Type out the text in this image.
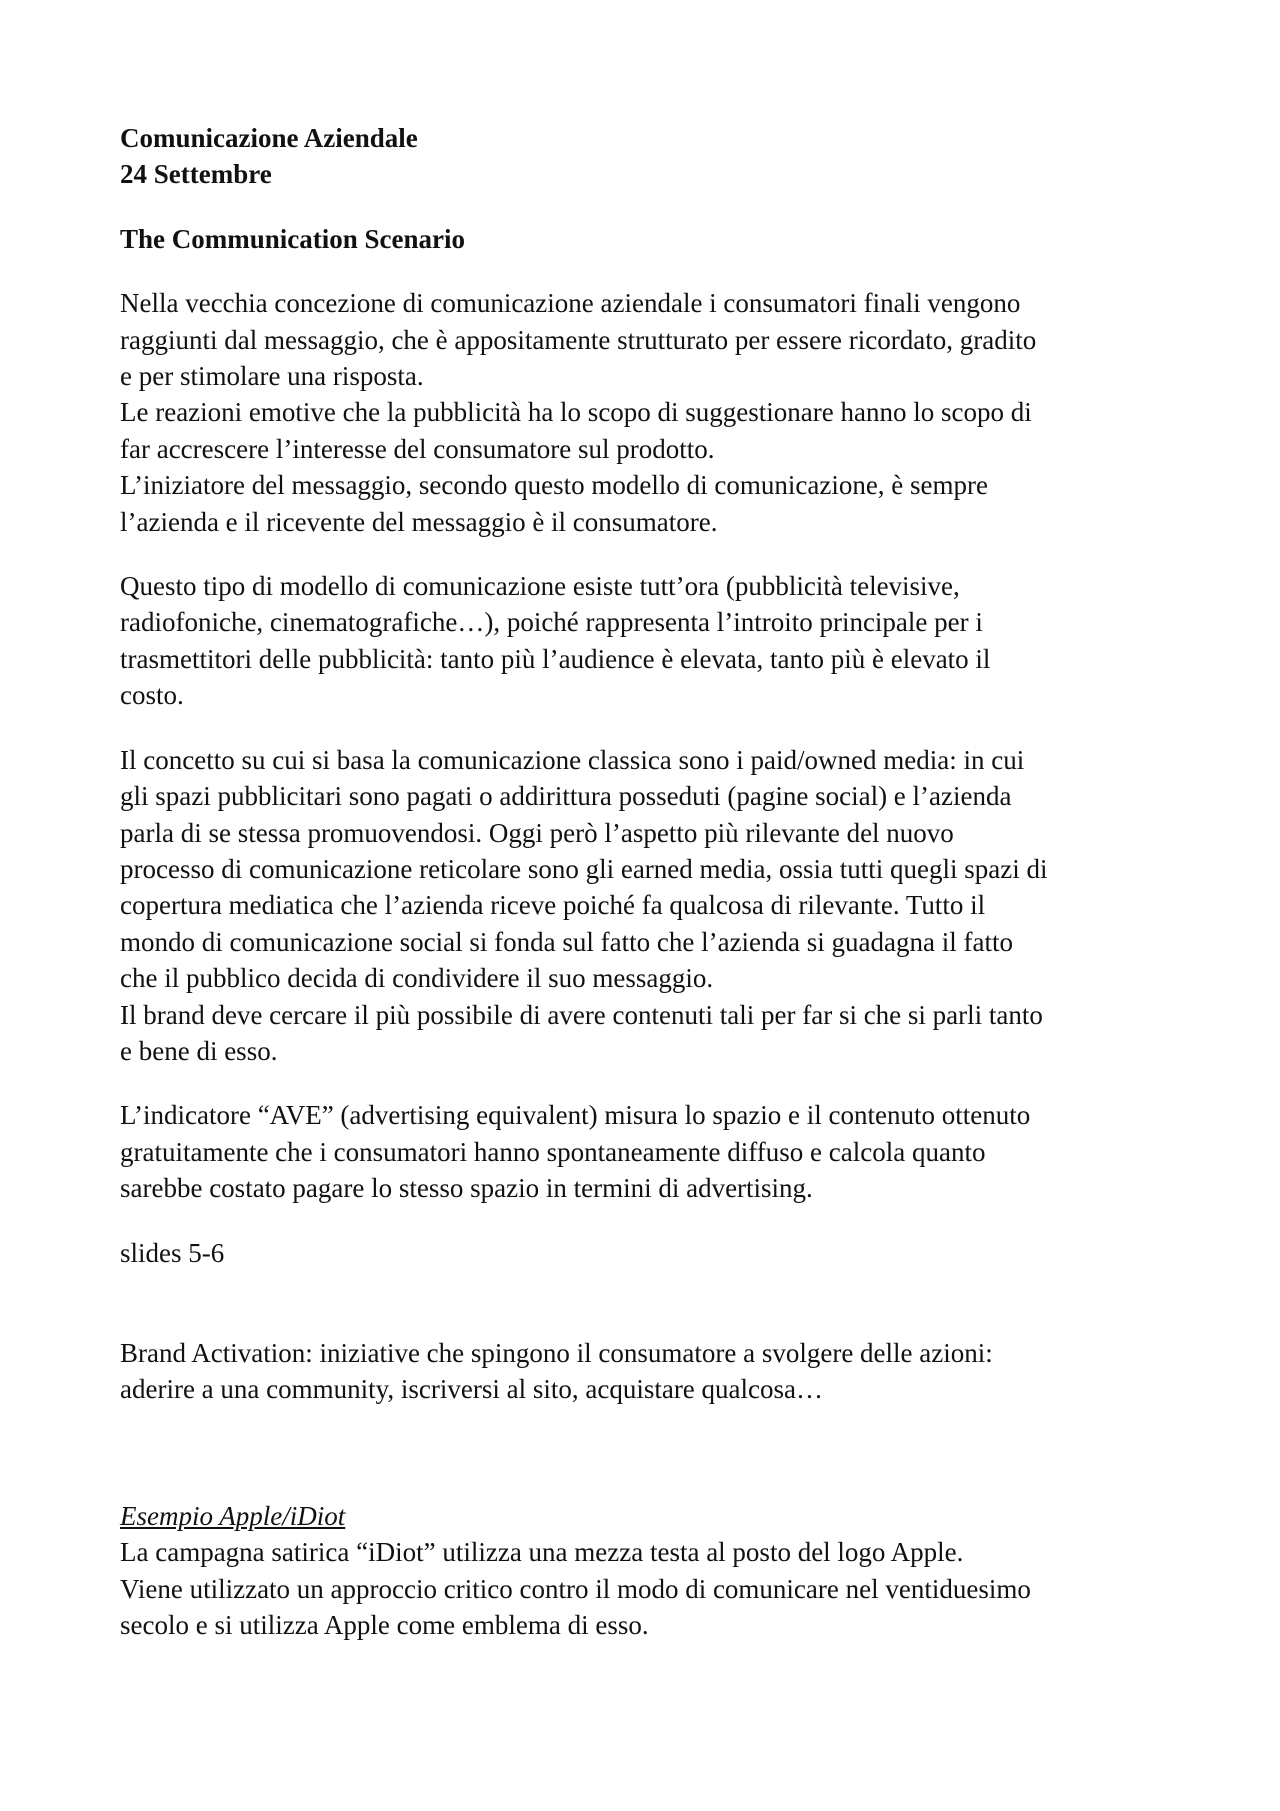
Comunicazione Aziendale
24 Settembre
The Communication Scenario
Nella vecchia concezione di comunicazione aziendale i consumatori finali vengono
raggiunti dal messaggio, che è appositamente strutturato per essere ricordato, gradito
e per stimolare una risposta.
Le reazioni emotive che la pubblicità ha lo scopo di suggestionare hanno lo scopo di
far accrescere l’interesse del consumatore sul prodotto.
L’iniziatore del messaggio, secondo questo modello di comunicazione, è sempre
l’azienda e il ricevente del messaggio è il consumatore.
Questo tipo di modello di comunicazione esiste tutt’ora (pubblicità televisive,
radiofoniche, cinematografiche…), poiché rappresenta l’introito principale per i
trasmettitori delle pubblicità: tanto più l’audience è elevata, tanto più è elevato il
costo.
Il concetto su cui si basa la comunicazione classica sono i paid/owned media: in cui
gli spazi pubblicitari sono pagati o addirittura posseduti (pagine social) e l’azienda
parla di se stessa promuovendosi. Oggi però l’aspetto più rilevante del nuovo
processo di comunicazione reticolare sono gli earned media, ossia tutti quegli spazi di
copertura mediatica che l’azienda riceve poiché fa qualcosa di rilevante. Tutto il
mondo di comunicazione social si fonda sul fatto che l’azienda si guadagna il fatto
che il pubblico decida di condividere il suo messaggio.
Il brand deve cercare il più possibile di avere contenuti tali per far si che si parli tanto
e bene di esso.
L’indicatore “AVE” (advertising equivalent) misura lo spazio e il contenuto ottenuto
gratuitamente che i consumatori hanno spontaneamente diffuso e calcola quanto
sarebbe costato pagare lo stesso spazio in termini di advertising.
slides 5-6
Brand Activation: iniziative che spingono il consumatore a svolgere delle azioni:
aderire a una community, iscriversi al sito, acquistare qualcosa…
Esempio Apple/iDiot
La campagna satirica “iDiot” utilizza una mezza testa al posto del logo Apple.
Viene utilizzato un approccio critico contro il modo di comunicare nel ventiduesimo
secolo e si utilizza Apple come emblema di esso.
